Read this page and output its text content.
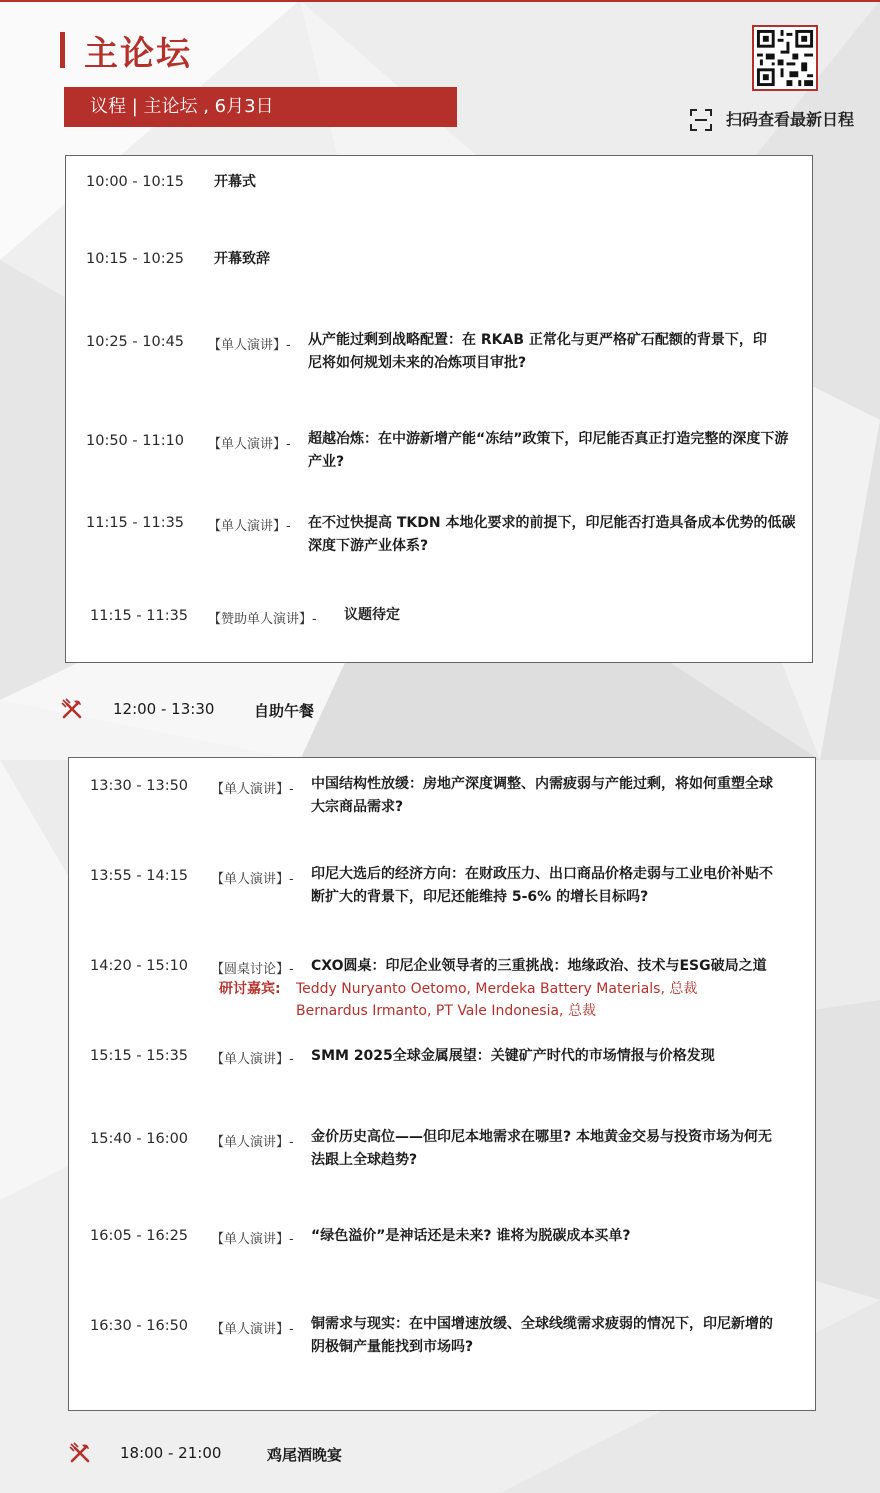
主论坛
议程 | 主论坛 , 6月3日
扫码查看最新日程
10:00 - 10:15 开幕式
10:15 - 10:25 开幕致辞
10:25 - 10:45 【单人演讲】- 从产能过剩到战略配置：在 RKAB 正常化与更严格矿石配额的背景下，印尼将如何规划未来的冶炼项目审批?
10:50 - 11:10 【单人演讲】- 超越冶炼：在中游新增产能“冻结”政策下，印尼能否真正打造完整的深度下游产业?
11:15 - 11:35 【单人演讲】- 在不过快提高 TKDN 本地化要求的前提下，印尼能否打造具备成本优势的低碳深度下游产业体系?
11:15 - 11:35 【赞助单人演讲】- 议题待定
12:00 - 13:30	自助午餐
13:30 - 13:50 【单人演讲】- 中国结构性放缓：房地产深度调整、内需疲弱与产能过剩，将如何重塑全球大宗商品需求?
13:55 - 14:15 【单人演讲】- 印尼大选后的经济方向：在财政压力、出口商品价格走弱与工业电价补贴不断扩大的背景下，印尼还能维持 5-6% 的增长目标吗?
14:20 - 15:10 【圆桌讨论】- CXO圆桌：印尼企业领导者的三重挑战：地缘政治、技术与ESG破局之道
研讨嘉宾: Teddy Nuryanto Oetomo, Merdeka Battery Materials, 总裁
Bernardus Irmanto, PT Vale Indonesia, 总裁
15:15 - 15:35 【单人演讲】- SMM 2025全球金属展望：关键矿产时代的市场情报与价格发现
15:40 - 16:00 【单人演讲】- 金价历史高位——但印尼本地需求在哪里? 本地黄金交易与投资市场为何无法跟上全球趋势?
16:05 - 16:25 【单人演讲】- “绿色溢价”是神话还是未来? 谁将为脱碳成本买单?
16:30 - 16:50 【单人演讲】- 铜需求与现实：在中国增速放缓、全球线缆需求疲弱的情况下，印尼新增的阴极铜产量能找到市场吗?
18:00 - 21:00	鸡尾酒晚宴
